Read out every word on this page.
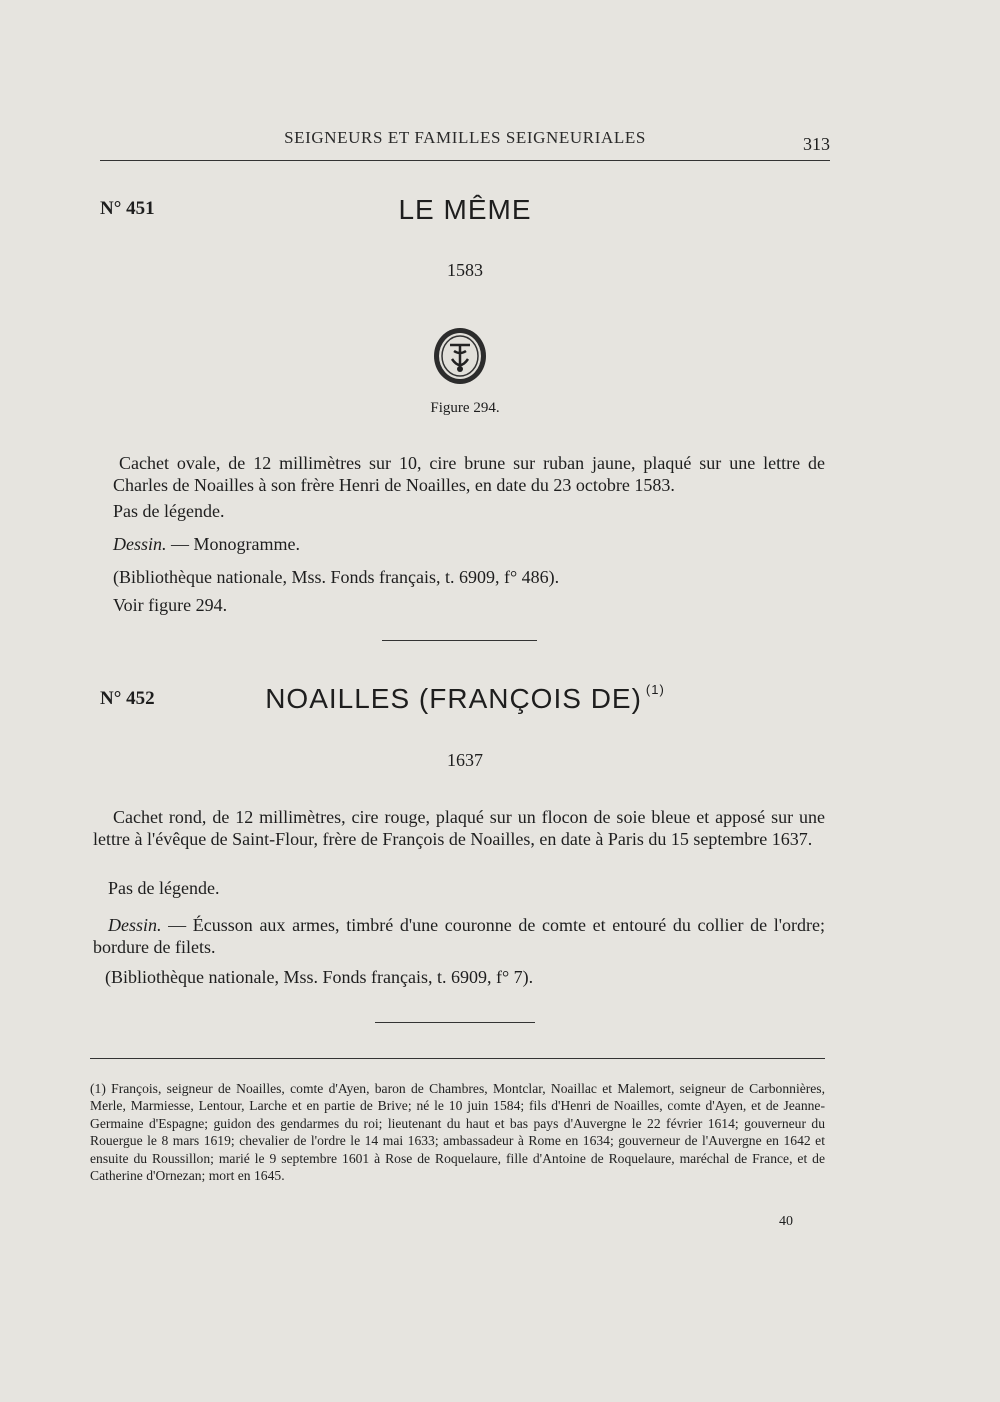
SEIGNEURS ET FAMILLES SEIGNEURIALES	313
N° 451	LE MÊME
1583
Figure 294.
Cachet ovale, de 12 millimètres sur 10, cire brune sur ruban jaune, plaqué sur une lettre de Charles de Noailles à son frère Henri de Noailles, en date du 23 octobre 1583.
Pas de légende.
Dessin. — Monogramme.
(Bibliothèque nationale, Mss. Fonds français, t. 6909, f° 486).
Voir figure 294.
N° 452	NOAILLES (FRANÇOIS DE) $^{(1)}$
1637
Cachet rond, de 12 millimètres, cire rouge, plaqué sur un flocon de soie bleue et apposé sur une lettre à l'évêque de Saint-Flour, frère de François de Noailles, en date à Paris du 15 septembre 1637.
Pas de légende.
Dessin. — Écusson aux armes, timbré d'une couronne de comte et entouré du collier de l'ordre; bordure de filets.
(Bibliothèque nationale, Mss. Fonds français, t. 6909, f° 7).
(1) François, seigneur de Noailles, comte d'Ayen, baron de Chambres, Montclar, Noaillac et Malemort, seigneur de Carbonnières, Merle, Marmiesse, Lentour, Larche et en partie de Brive; né le 10 juin 1584; fils d'Henri de Noailles, comte d'Ayen, et de Jeanne-Germaine d'Espagne; guidon des gendarmes du roi; lieutenant du haut et bas pays d'Auvergne le 22 février 1614; gouverneur du Rouergue le 8 mars 1619; chevalier de l'ordre le 14 mai 1633; ambassadeur à Rome en 1634; gouverneur de l'Auvergne en 1642 et ensuite du Roussillon; marié le 9 septembre 1601 à Rose de Roquelaure, fille d'Antoine de Roquelaure, maréchal de France, et de Catherine d'Ornezan; mort en 1645.
40
